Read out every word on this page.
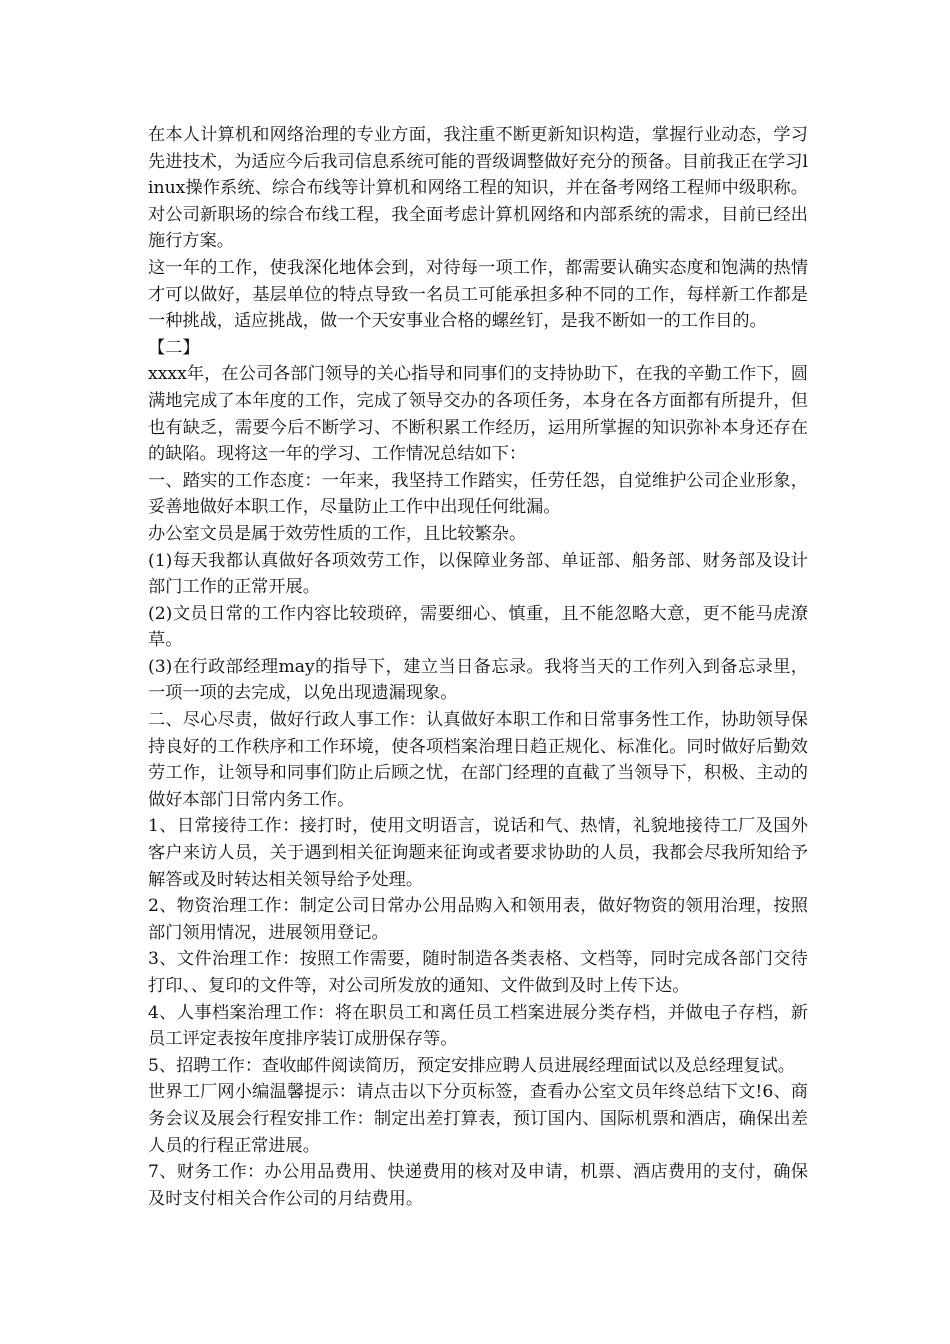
在本人计算机和网络治理的专业方面，我注重不断更新知识构造，掌握行业动态，学习先进技术，为适应今后我司信息系统可能的晋级调整做好充分的预备。目前我正在学习linux操作系统、综合布线等计算机和网络工程的知识，并在备考网络工程师中级职称。对公司新职场的综合布线工程，我全面考虑计算机网络和内部系统的需求，目前已经出施行方案。

这一年的工作，使我深化地体会到，对待每一项工作，都需要认确实态度和饱满的热情才可以做好，基层单位的特点导致一名员工可能承担多种不同的工作，每样新工作都是一种挑战，适应挑战，做一个天安事业合格的螺丝钉，是我不断如一的工作目的。

【二】

xxxx年，在公司各部门领导的关心指导和同事们的支持协助下，在我的辛勤工作下，圆满地完成了本年度的工作，完成了领导交办的各项任务，本身在各方面都有所提升，但也有缺乏，需要今后不断学习、不断积累工作经历，运用所掌握的知识弥补本身还存在的缺陷。现将这一年的学习、工作情况总结如下：

一、踏实的工作态度：一年来，我坚持工作踏实，任劳任怨，自觉维护公司企业形象，妥善地做好本职工作，尽量防止工作中出现任何纰漏。

办公室文员是属于效劳性质的工作，且比较繁杂。

(1)每天我都认真做好各项效劳工作，以保障业务部、单证部、船务部、财务部及设计部门工作的正常开展。

(2)文员日常的工作内容比较琐碎，需要细心、慎重，且不能忽略大意，更不能马虎潦草。

(3)在行政部经理may的指导下，建立当日备忘录。我将当天的工作列入到备忘录里，一项一项的去完成，以免出现遗漏现象。

二、尽心尽责，做好行政人事工作：认真做好本职工作和日常事务性工作，协助领导保持良好的工作秩序和工作环境，使各项档案治理日趋正规化、标准化。同时做好后勤效劳工作，让领导和同事们防止后顾之忧，在部门经理的直截了当领导下，积极、主动的做好本部门日常内务工作。

1、日常接待工作：接打时，使用文明语言，说话和气、热情，礼貌地接待工厂及国外客户来访人员，关于遇到相关征询题来征询或者要求协助的人员，我都会尽我所知给予解答或及时转达相关领导给予处理。

2、物资治理工作：制定公司日常办公用品购入和领用表，做好物资的领用治理，按照部门领用情况，进展领用登记。

3、文件治理工作：按照工作需要，随时制造各类表格、文档等，同时完成各部门交待打印、、复印的文件等，对公司所发放的通知、文件做到及时上传下达。

4、人事档案治理工作：将在职员工和离任员工档案进展分类存档，并做电子存档，新员工评定表按年度排序装订成册保存等。

5、招聘工作：查收邮件阅读简历，预定安排应聘人员进展经理面试以及总经理复试。

世界工厂网小编温馨提示：请点击以下分页标签，查看办公室文员年终总结下文!6、商务会议及展会行程安排工作：制定出差打算表，预订国内、国际机票和酒店，确保出差人员的行程正常进展。

7、财务工作：办公用品费用、快递费用的核对及申请，机票、酒店费用的支付，确保及时支付相关合作公司的月结费用。
